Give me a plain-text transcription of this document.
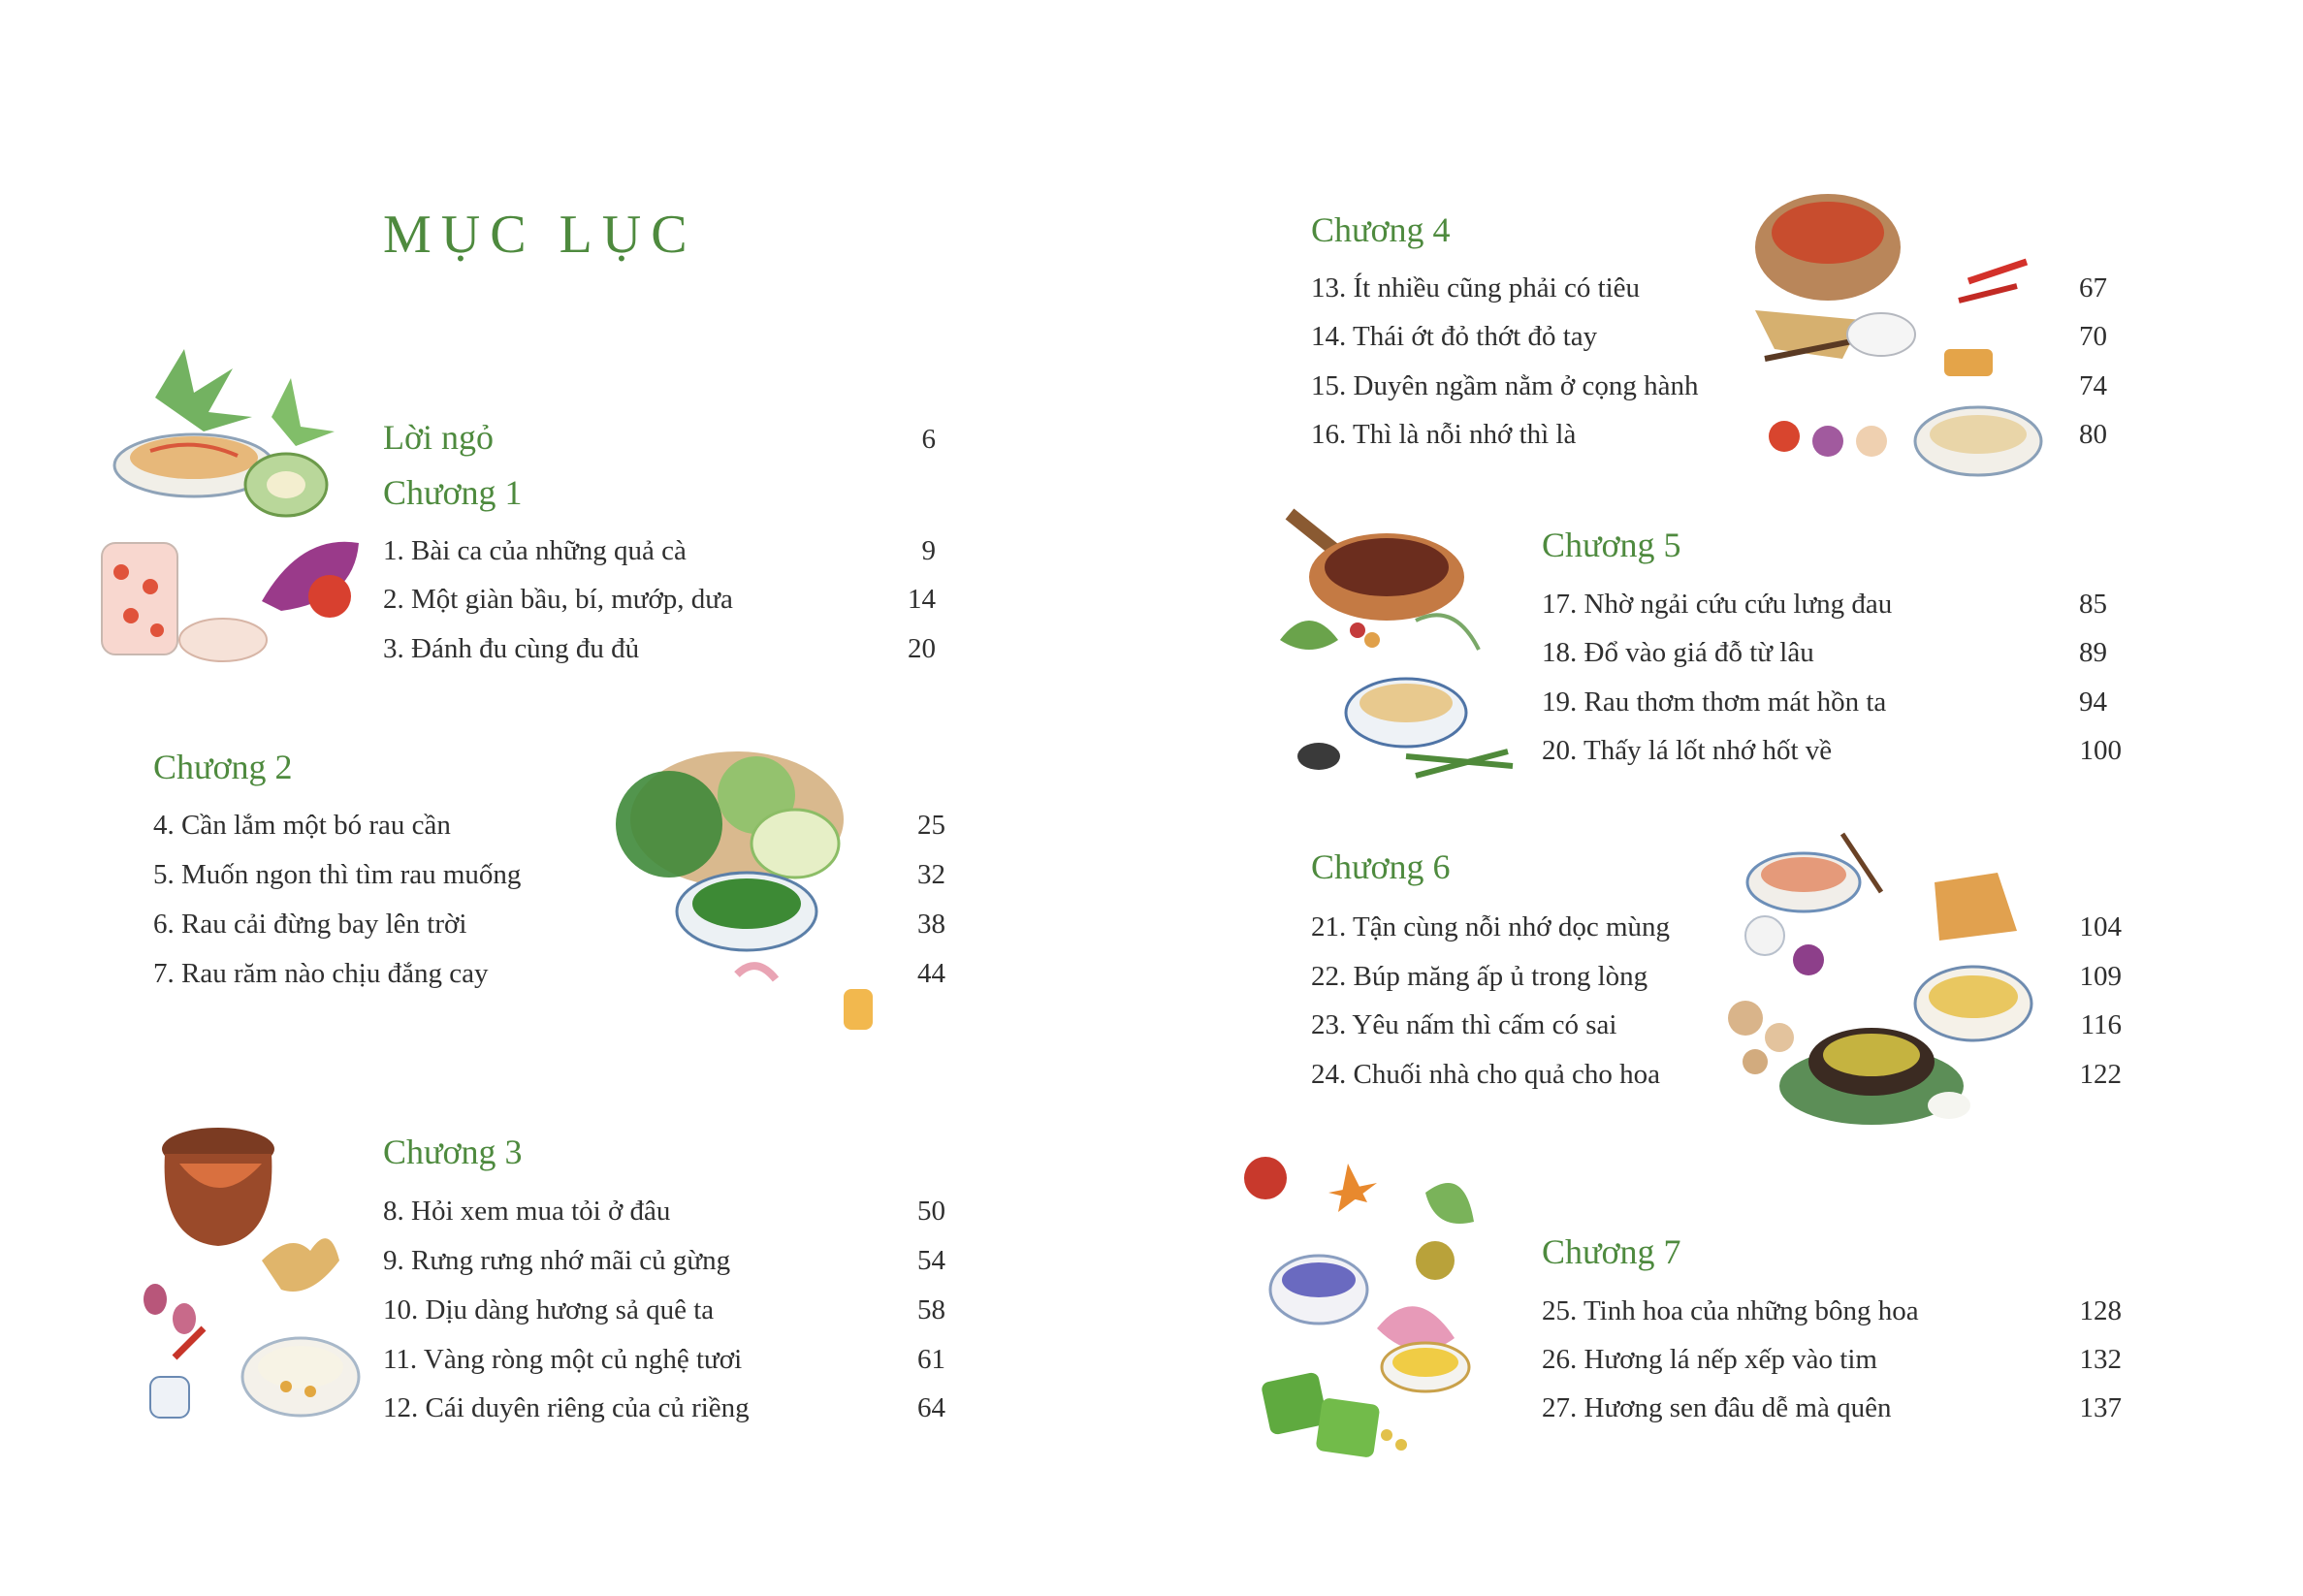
MỤC LỤC
Lời ngỏ	6
Chương 1
1. Bài ca của những quả cà	9
2. Một giàn bầu, bí, mướp, dưa	14
3. Đánh đu cùng đu đủ	20
Chương 2
4. Cần lắm một bó rau cần	25
5. Muốn ngon thì tìm rau muống	32
6. Rau cải đừng bay lên trời	38
7. Rau răm nào chịu đắng cay	44
Chương 3
8. Hỏi xem mua tỏi ở đâu	50
9. Rưng rưng nhớ mãi củ gừng	54
10. Dịu dàng hương sả quê ta	58
11. Vàng ròng một củ nghệ tươi	61
12. Cái duyên riêng của củ riềng	64
Chương 4
13. Ít nhiều cũng phải có tiêu	67
14. Thái ớt đỏ thớt đỏ tay	70
15. Duyên ngầm nằm ở cọng hành	74
16. Thì là nỗi nhớ thì là	80
Chương 5
17. Nhờ ngải cứu cứu lưng đau	85
18. Đổ vào giá đỗ từ lâu	89
19. Rau thơm thơm mát hồn ta	94
20. Thấy lá lốt nhớ hốt về	100
Chương 6
21. Tận cùng nỗi nhớ dọc mùng	104
22. Búp măng ấp ủ trong lòng	109
23. Yêu nấm thì cấm có sai	116
24. Chuối nhà cho quả cho hoa	122
Chương 7
25. Tinh hoa của những bông hoa	128
26. Hương lá nếp xếp vào tim	132
27. Hương sen đâu dễ mà quên	137
